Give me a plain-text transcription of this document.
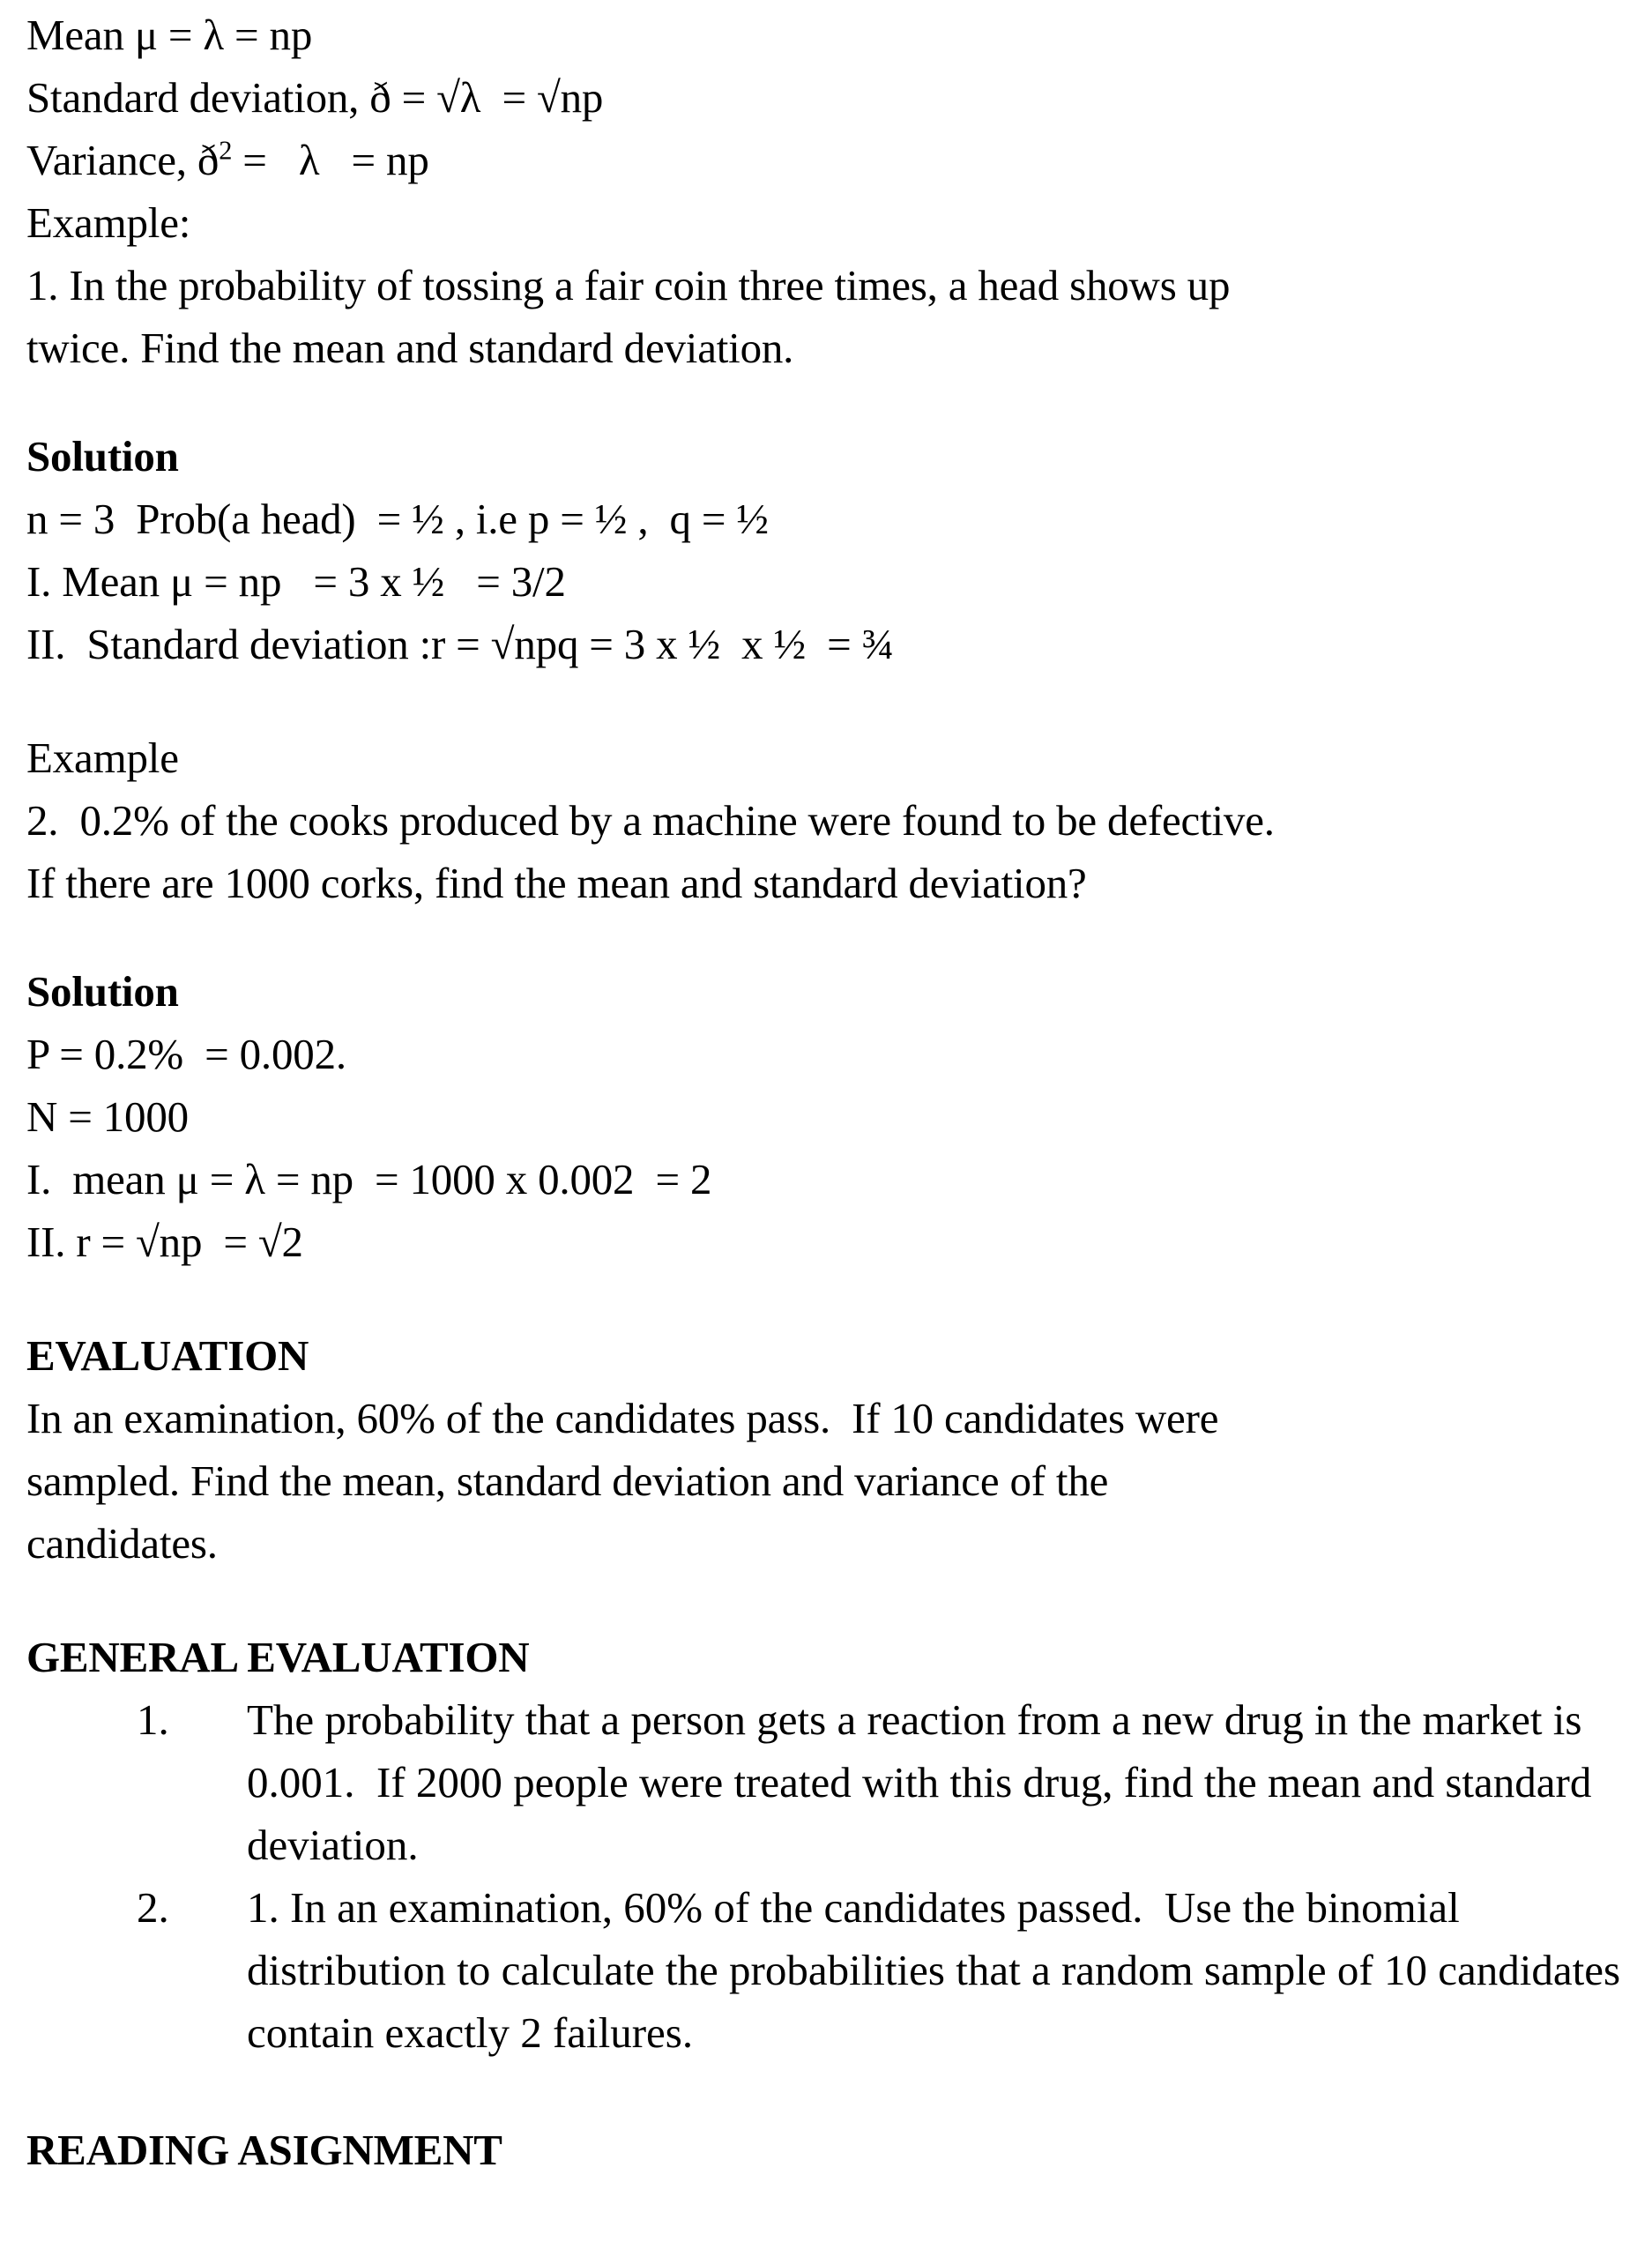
Mean μ = λ = np
Standard deviation, ð = √λ  = √np
Variance, $ð^2 = \lambda$   = np
Example:
1. In the probability of tossing a fair coin three times, a head shows up
twice. Find the mean and standard deviation.
Solution
n = 3  Prob(a head)  = ½ , i.e p = ½ ,  q = ½
I. Mean μ = np   = 3 x ½   = 3/2
II.  Standard deviation :r = √npq = 3 x ½  x ½  = ¾
Example
2.  0.2% of the cooks produced by a machine were found to be defective.
If there are 1000 corks, find the mean and standard deviation?
Solution
P = 0.2%  = 0.002.
N = 1000
I.  mean μ = λ = np  = 1000 x 0.002  = 2
II. r = √np  = √2
EVALUATION
In an examination, 60% of the candidates pass.  If 10 candidates were
sampled. Find the mean, standard deviation and variance of the
candidates.
GENERAL EVALUATION
1. The probability that a person gets a reaction from a new drug in the market is 0.001.  If 2000 people were treated with this drug, find the mean and standard deviation.
2. 1. In an examination, 60% of the candidates passed.  Use the binomial distribution to calculate the probabilities that a random sample of 10 candidates contain exactly 2 failures.
READING ASIGNMENT
